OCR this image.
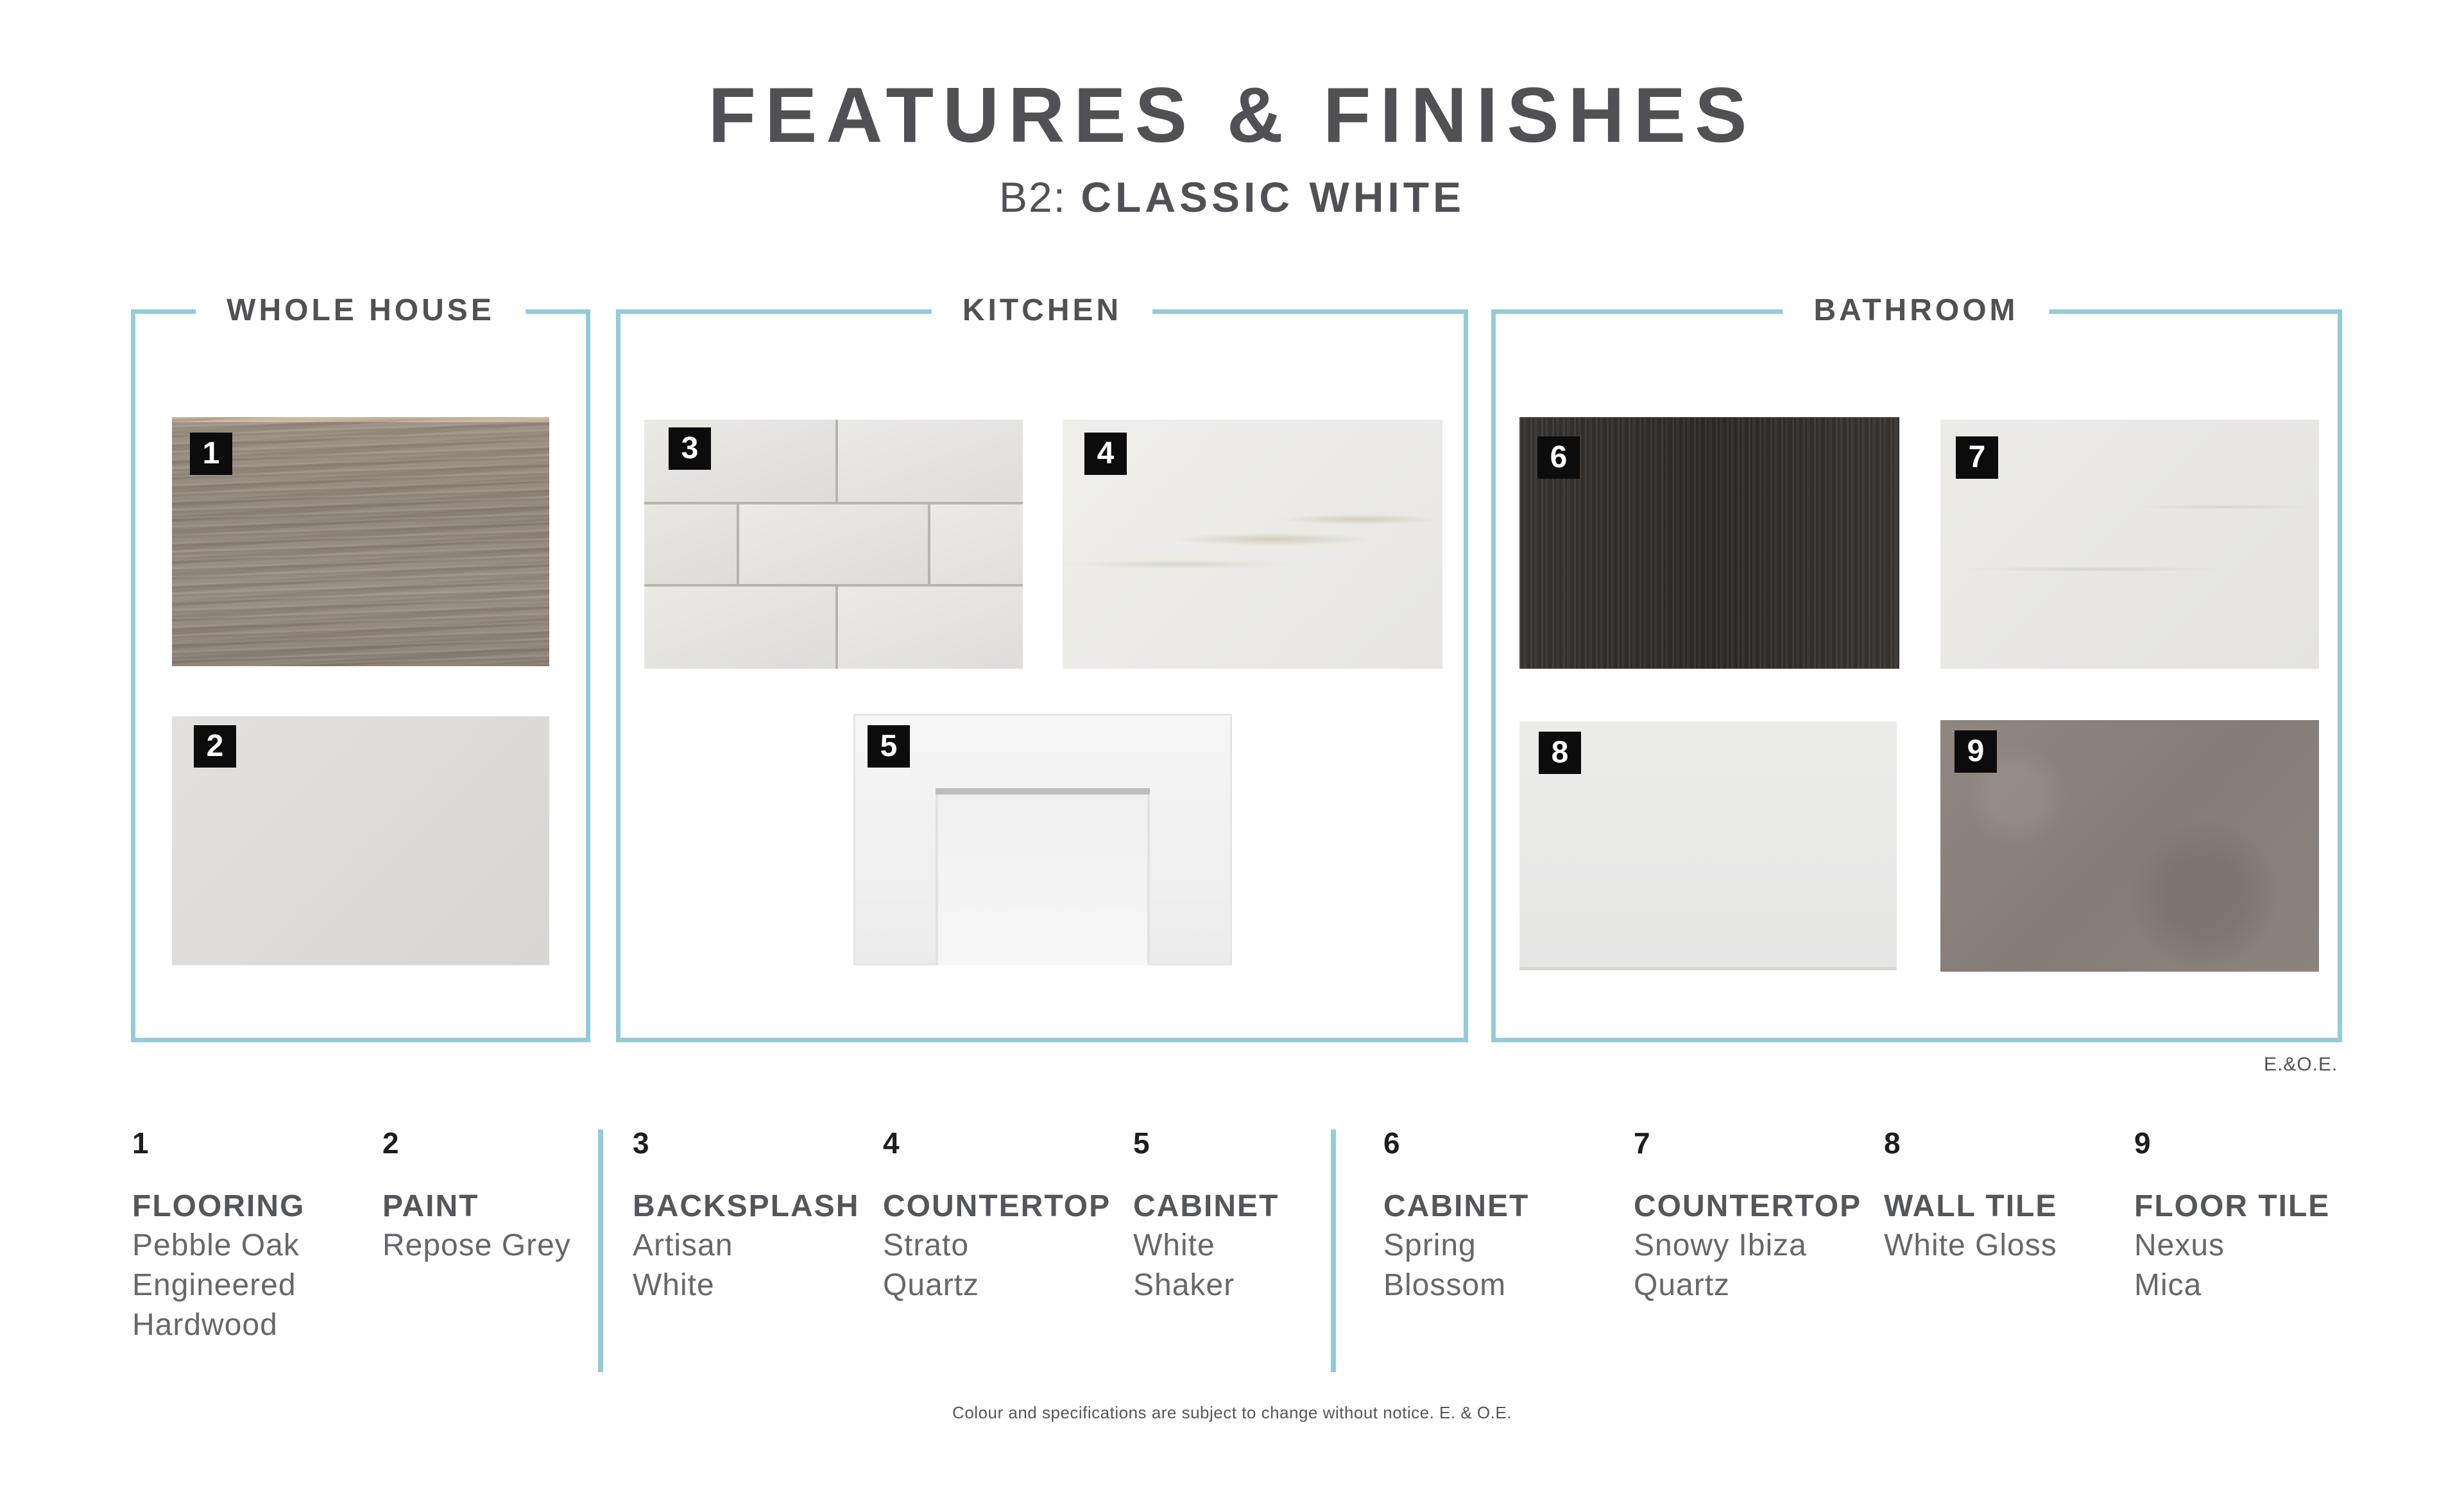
FEATURES & FINISHES
B2: CLASSIC WHITE
WHOLE HOUSE	KITCHEN	BATHROOM
1
2
3	4
5
6	7
8	9
E.&O.E.
1
FLOORING
Pebble Oak
Engineered
Hardwood
2
PAINT
Repose Grey
3
BACKSPLASH
Artisan
White
4
COUNTERTOP
Strato
Quartz
5
CABINET
White
Shaker
6
CABINET
Spring
Blossom
7
COUNTERTOP
Snowy Ibiza
Quartz
8
WALL TILE
White Gloss
9
FLOOR TILE
Nexus
Mica
Colour and specifications are subject to change without notice. E. & O.E.
